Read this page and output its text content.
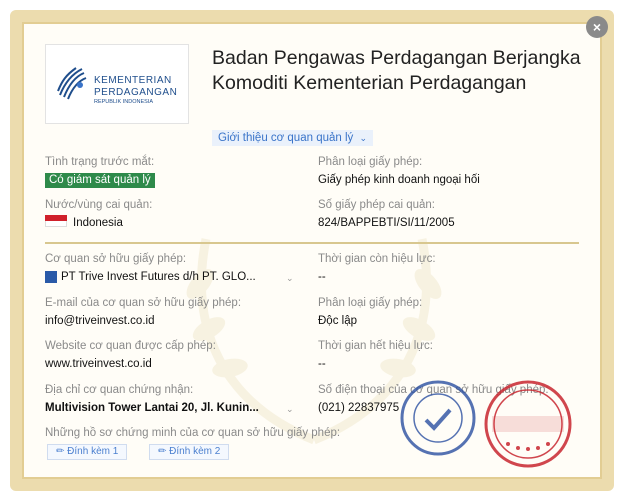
×
KEMENTERIAN
PERDAGANGAN
REPUBLIK INDONESIA
Badan Pengawas Perdagangan Berjangka Komoditi Kementerian Perdagangan
Giới thiệu cơ quan quản lý ⌄
Tình trạng trước mắt:
Có giám sát quản lý
Phân loại giấy phép:
Giấy phép kinh doanh ngoại hối
Nước/vùng cai quản:
Indonesia
Số giấy phép cai quản:
824/BAPPEBTI/SI/11/2005
Cơ quan sở hữu giấy phép:
PT Trive Invest Futures d/h PT. GLO...	⌄
Thời gian còn hiệu lực:
--
E-mail của cơ quan sở hữu giấy phép:
info@triveinvest.co.id
Phân loại giấy phép:
Độc lập
Website cơ quan được cấp phép:
www.triveinvest.co.id
Thời gian hết hiệu lực:
--
Địa chỉ cơ quan chứng nhận:
Multivision Tower Lantai 20, Jl. Kunin...	⌄
Số điện thoại của cơ quan sở hữu giấy phép:
(021) 22837975
Những hồ sơ chứng minh của cơ quan sở hữu giấy phép:
✏ Đính kèm 1	✏ Đính kèm 2
